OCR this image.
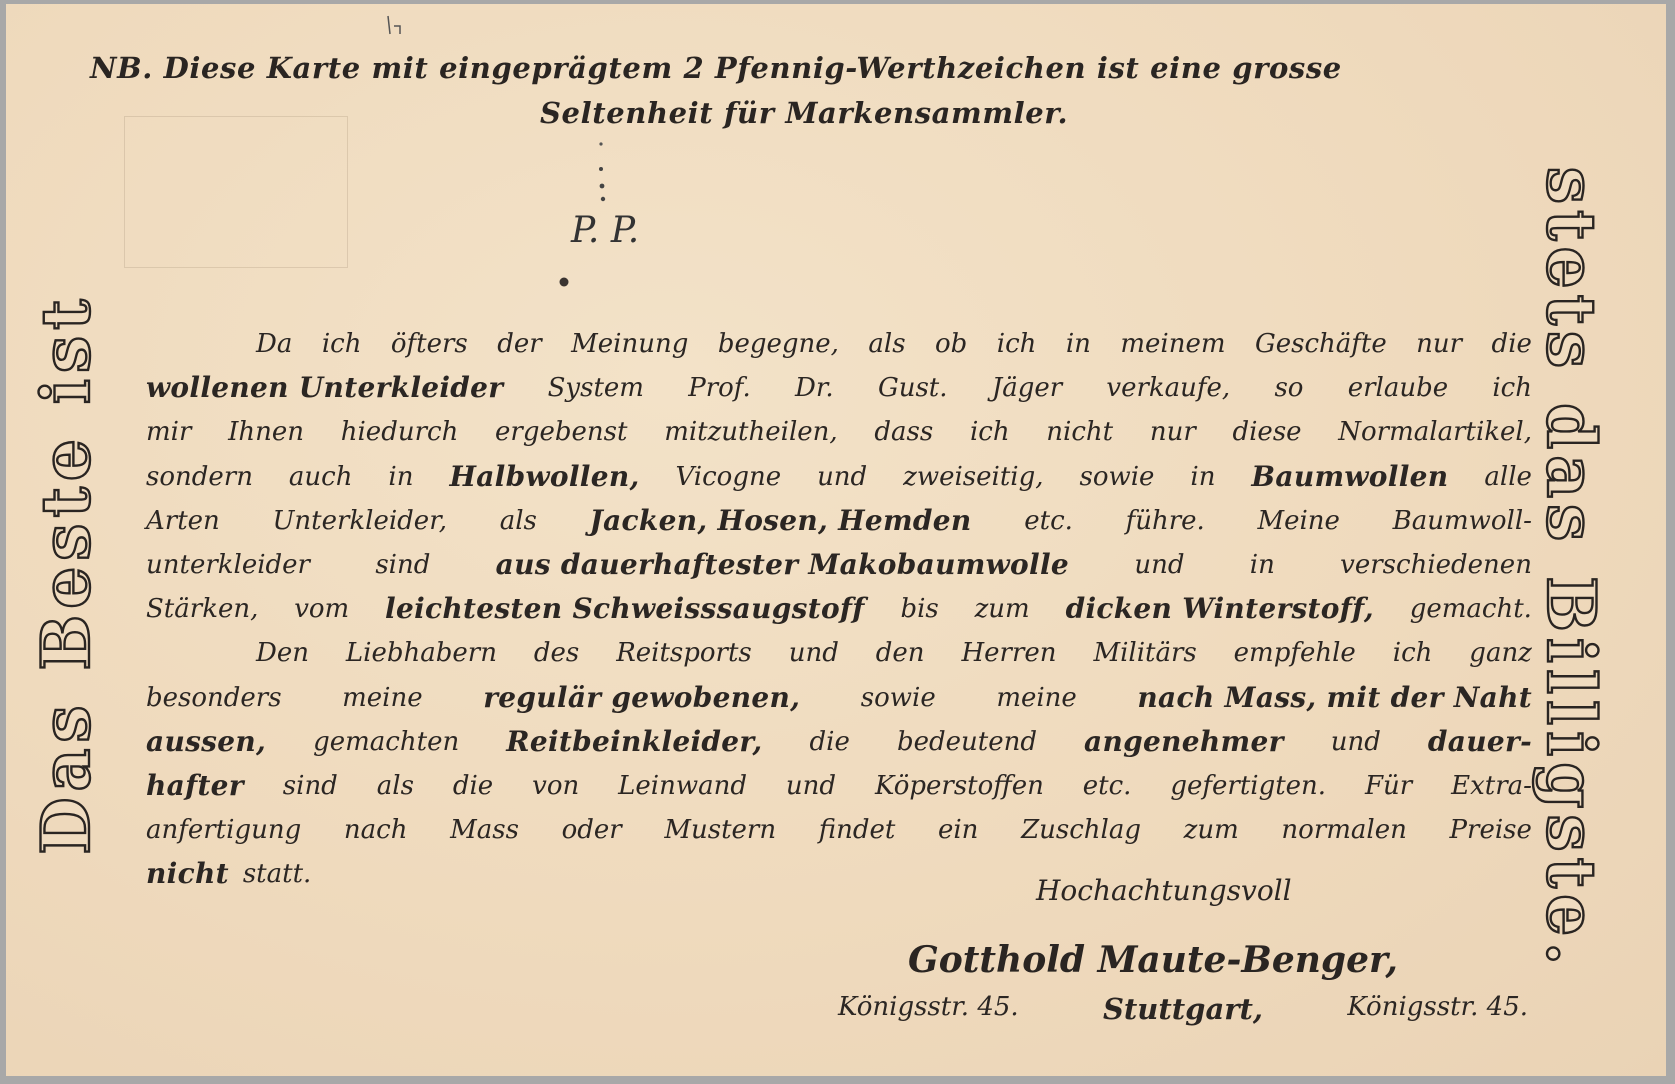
NB. Diese Karte mit eingeprägtem 2 Pfennig-Werthzeichen ist eine grosse
Seltenheit für Markensammler.
P. P.
Das Beste ist	stets das Billigste.
Da ich öfters der Meinung begegne, als ob ich in meinem Geschäfte nur die
wollenen Unterkleider System Prof. Dr. Gust. Jäger verkaufe, so erlaube ich
mir Ihnen hiedurch ergebenst mitzutheilen, dass ich nicht nur diese Normalartikel,
sondern auch in Halbwollen, Vicogne und zweiseitig, sowie in Baumwollen alle
Arten Unterkleider, als Jacken, Hosen, Hemden etc. führe. Meine Baumwoll-
unterkleider	sind aus dauerhaftester Makobaumwolle	und	in	verschiedenen
Stärken, vom leichtesten Schweisssaugstoff bis zum dicken Winterstoff, gemacht.
Den Liebhabern des Reitsports und den Herren Militärs empfehle ich ganz
besonders meine regulär gewobenen, sowie meine nach Mass, mit der Naht
aussen, gemachten Reitbeinkleider, die bedeutend angenehmer und dauer-
hafter sind als die von Leinwand und Köperstoffen etc. gefertigten. Für Extra-
anfertigung nach Mass oder Mustern findet ein Zuschlag zum normalen Preise
nicht statt.	Hochachtungsvoll
Gotthold Maute-Benger,
Königsstr. 45.	Stuttgart,	Königsstr. 45.
